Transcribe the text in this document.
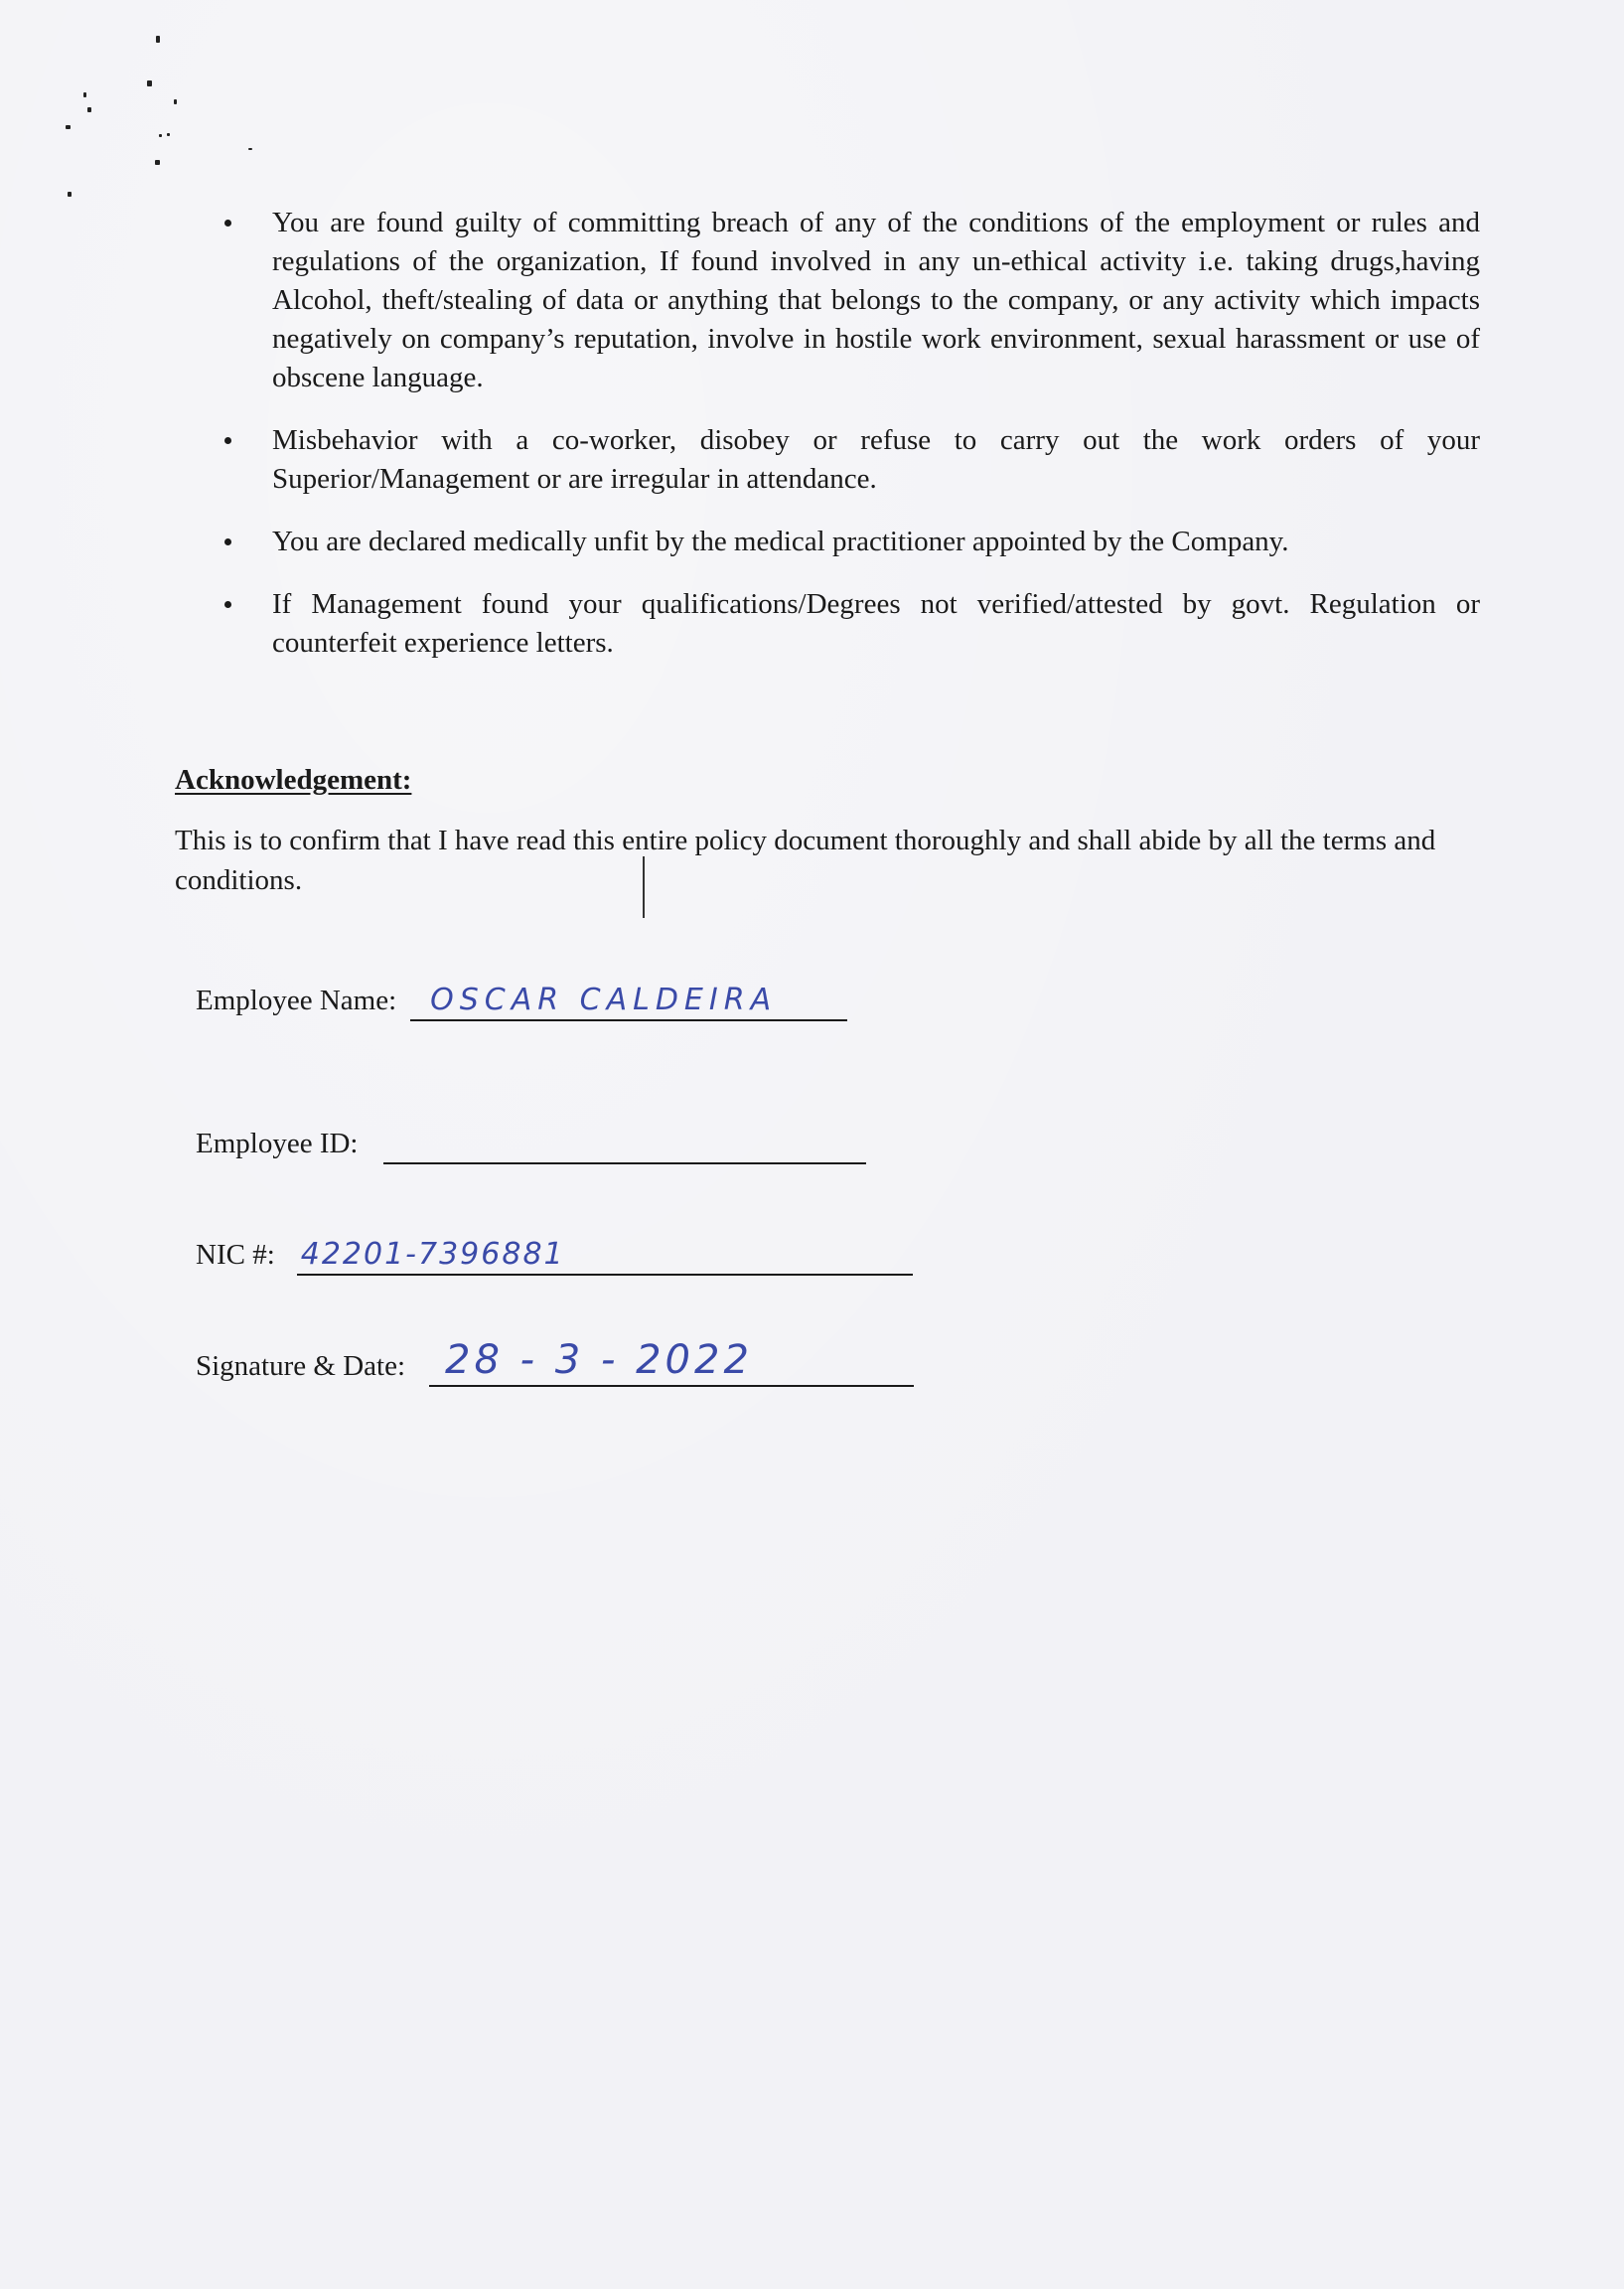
You are found guilty of committing breach of any of the conditions of the employment or rules and regulations of the organization, If found involved in any un-ethical activity i.e. taking drugs,having Alcohol, theft/stealing of data or anything that belongs to the company, or any activity which impacts negatively on company’s reputation, involve in hostile work environment, sexual harassment or use of obscene language.
Misbehavior with a co-worker, disobey or refuse to carry out the work orders of your Superior/Management or are irregular in attendance.
You are declared medically unfit by the medical practitioner appointed by the Company.
If Management found your qualifications/Degrees not verified/attested by govt. Regulation or counterfeit experience letters.
Acknowledgement:
This is to confirm that I have read this entire policy document thoroughly and shall abide by all the terms and conditions.
Employee Name: OSCAR CALDEIRA
Employee ID:
NIC #: 42201-7396881
Signature & Date: 28 - 3 - 2022
